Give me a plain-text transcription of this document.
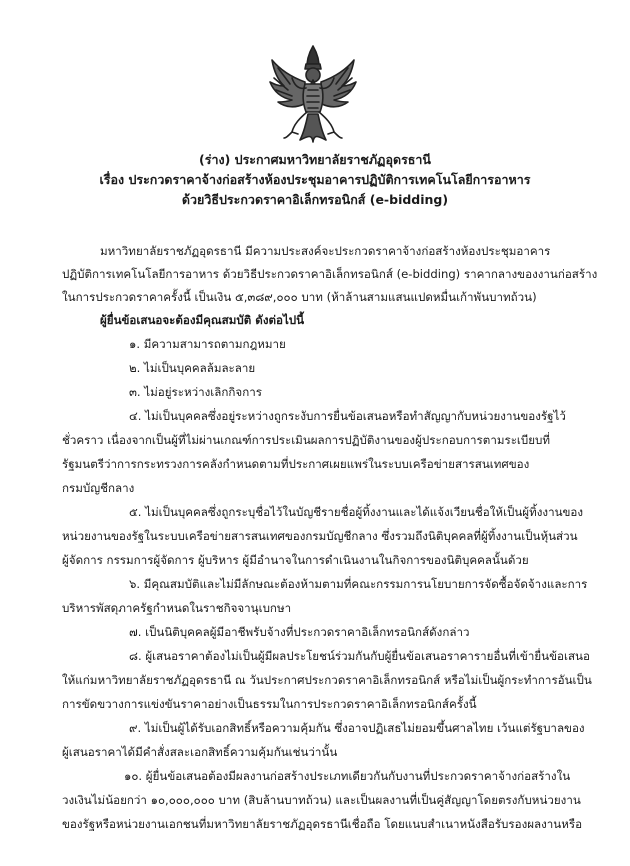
(ร่าง) ประกาศมหาวิทยาลัยราชภัฏอุดรธานี
เรื่อง ประกวดราคาจ้างก่อสร้างห้องประชุมอาคารปฏิบัติการเทคโนโลยีการอาหาร
ด้วยวิธีประกวดราคาอิเล็กทรอนิกส์ (e-bidding)
มหาวิทยาลัยราชภัฏอุดรธานี มีความประสงค์จะประกวดราคาจ้างก่อสร้างห้องประชุมอาคาร
ปฏิบัติการเทคโนโลยีการอาหาร ด้วยวิธีประกวดราคาอิเล็กทรอนิกส์ (e-bidding) ราคากลางของงานก่อสร้าง
ในการประกวดราคาครั้งนี้ เป็นเงิน ๕,๓๘๙,๐๐๐ บาท (ห้าล้านสามแสนแปดหมื่นเก้าพันบาทถ้วน)
ผู้ยื่นข้อเสนอจะต้องมีคุณสมบัติ ดังต่อไปนี้
๑. มีความสามารถตามกฎหมาย
๒. ไม่เป็นบุคคลล้มละลาย
๓. ไม่อยู่ระหว่างเลิกกิจการ
๔. ไม่เป็นบุคคลซึ่งอยู่ระหว่างถูกระงับการยื่นข้อเสนอหรือทำสัญญากับหน่วยงานของรัฐไว้
ชั่วคราว เนื่องจากเป็นผู้ที่ไม่ผ่านเกณฑ์การประเมินผลการปฏิบัติงานของผู้ประกอบการตามระเบียบที่
รัฐมนตรีว่าการกระทรวงการคลังกำหนดตามที่ประกาศเผยแพร่ในระบบเครือข่ายสารสนเทศของ
กรมบัญชีกลาง
๕. ไม่เป็นบุคคลซึ่งถูกระบุชื่อไว้ในบัญชีรายชื่อผู้ทิ้งงานและได้แจ้งเวียนชื่อให้เป็นผู้ทิ้งงานของ
หน่วยงานของรัฐในระบบเครือข่ายสารสนเทศของกรมบัญชีกลาง ซึ่งรวมถึงนิติบุคคลที่ผู้ทิ้งงานเป็นหุ้นส่วน
ผู้จัดการ กรรมการผู้จัดการ ผู้บริหาร ผู้มีอำนาจในการดำเนินงานในกิจการของนิติบุคคลนั้นด้วย
๖. มีคุณสมบัติและไม่มีลักษณะต้องห้ามตามที่คณะกรรมการนโยบายการจัดซื้อจัดจ้างและการ
บริหารพัสดุภาครัฐกำหนดในราชกิจจานุเบกษา
๗. เป็นนิติบุคคลผู้มีอาชีพรับจ้างที่ประกวดราคาอิเล็กทรอนิกส์ดังกล่าว
๘. ผู้เสนอราคาต้องไม่เป็นผู้มีผลประโยชน์ร่วมกันกับผู้ยื่นข้อเสนอราคารายอื่นที่เข้ายื่นข้อเสนอ
ให้แก่มหาวิทยาลัยราชภัฏอุดรธานี ณ วันประกาศประกวดราคาอิเล็กทรอนิกส์ หรือไม่เป็นผู้กระทำการอันเป็น
การขัดขวางการแข่งขันราคาอย่างเป็นธรรมในการประกวดราคาอิเล็กทรอนิกส์ครั้งนี้
๙. ไม่เป็นผู้ได้รับเอกสิทธิ์หรือความคุ้มกัน ซึ่งอาจปฏิเสธไม่ยอมขึ้นศาลไทย เว้นแต่รัฐบาลของ
ผู้เสนอราคาได้มีคำสั่งสละเอกสิทธิ์ความคุ้มกันเช่นว่านั้น
๑๐. ผู้ยื่นข้อเสนอต้องมีผลงานก่อสร้างประเภทเดียวกันกับงานที่ประกวดราคาจ้างก่อสร้างใน
วงเงินไม่น้อยกว่า ๑๐,๐๐๐,๐๐๐ บาท (สิบล้านบาทถ้วน) และเป็นผลงานที่เป็นคู่สัญญาโดยตรงกับหน่วยงาน
ของรัฐหรือหน่วยงานเอกชนที่มหาวิทยาลัยราชภัฏอุดรธานีเชื่อถือ โดยแนบสำเนาหนังสือรับรองผลงานหรือ
